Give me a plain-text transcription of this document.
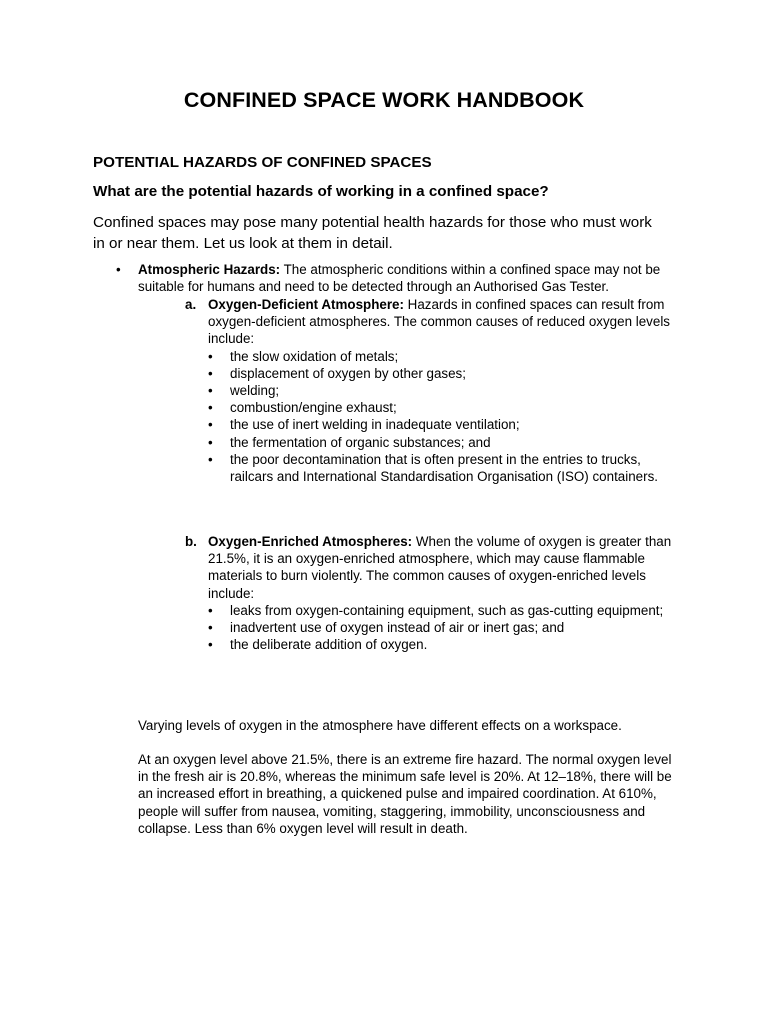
CONFINED SPACE WORK HANDBOOK
POTENTIAL HAZARDS OF CONFINED SPACES
What are the potential hazards of working in a confined space?
Confined spaces may pose many potential health hazards for those who must work in or near them. Let us look at them in detail.
• Atmospheric Hazards: The atmospheric conditions within a confined space may not be suitable for humans and need to be detected through an Authorised Gas Tester.
a. Oxygen-Deficient Atmosphere: Hazards in confined spaces can result from oxygen-deficient atmospheres. The common causes of reduced oxygen levels include:
• the slow oxidation of metals;
• displacement of oxygen by other gases;
• welding;
• combustion/engine exhaust;
• the use of inert welding in inadequate ventilation;
• the fermentation of organic substances; and
• the poor decontamination that is often present in the entries to trucks, railcars and International Standardisation Organisation (ISO) containers.
b. Oxygen-Enriched Atmospheres: When the volume of oxygen is greater than 21.5%, it is an oxygen-enriched atmosphere, which may cause flammable materials to burn violently. The common causes of oxygen-enriched levels include:
• leaks from oxygen-containing equipment, such as gas-cutting equipment;
• inadvertent use of oxygen instead of air or inert gas; and
• the deliberate addition of oxygen.
Varying levels of oxygen in the atmosphere have different effects on a workspace.
At an oxygen level above 21.5%, there is an extreme fire hazard. The normal oxygen level in the fresh air is 20.8%, whereas the minimum safe level is 20%. At 12–18%, there will be an increased effort in breathing, a quickened pulse and impaired coordination. At 610%, people will suffer from nausea, vomiting, staggering, immobility, unconsciousness and collapse. Less than 6% oxygen level will result in death.
